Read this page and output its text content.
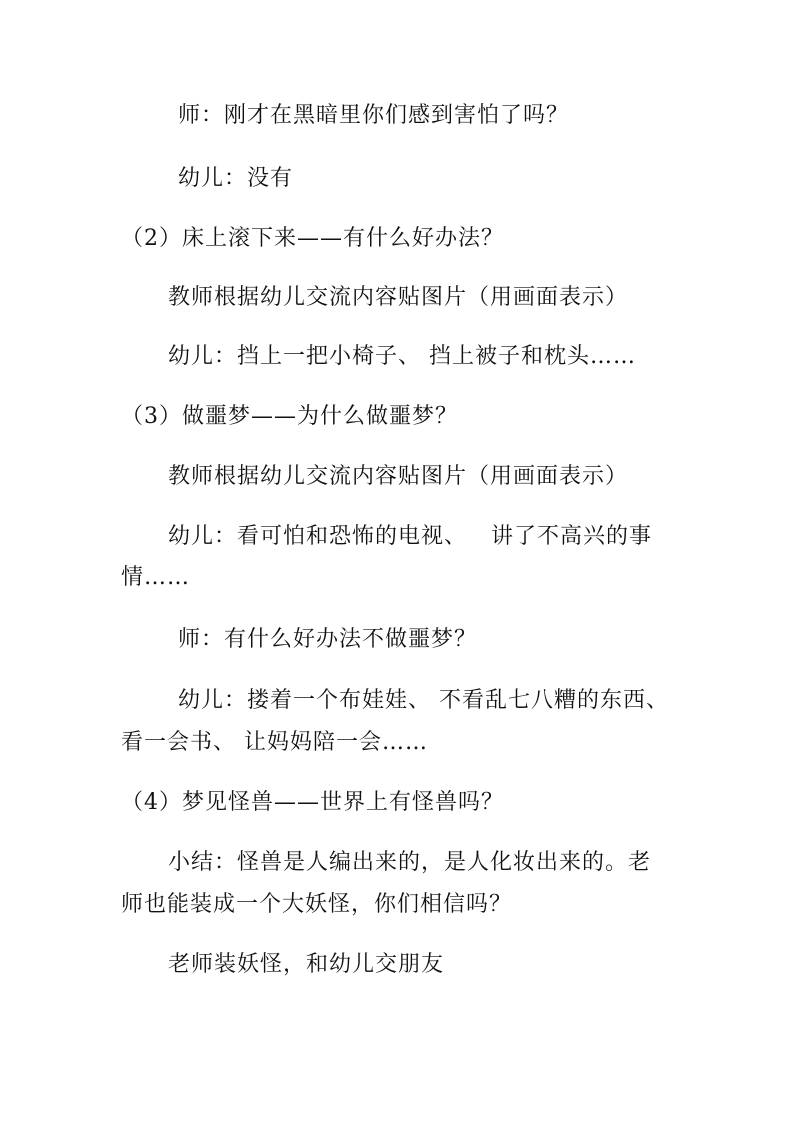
师：刚才在黑暗里你们感到害怕了吗？
幼儿：没有
（2）床上滚下来——有什么好办法？
教师根据幼儿交流内容贴图片（用画面表示）
幼儿：挡上一把小椅子、 挡上被子和枕头……
（3）做噩梦——为什么做噩梦？
教师根据幼儿交流内容贴图片（用画面表示）
幼儿：看可怕和恐怖的电视、   讲了不高兴的事
情……
师：有什么好办法不做噩梦？
幼儿：搂着一个布娃娃、 不看乱七八糟的东西、
看一会书、 让妈妈陪一会……
（4）梦见怪兽——世界上有怪兽吗？
小结：怪兽是人编出来的，是人化妆出来的。老
师也能装成一个大妖怪，你们相信吗？
老师装妖怪，和幼儿交朋友
